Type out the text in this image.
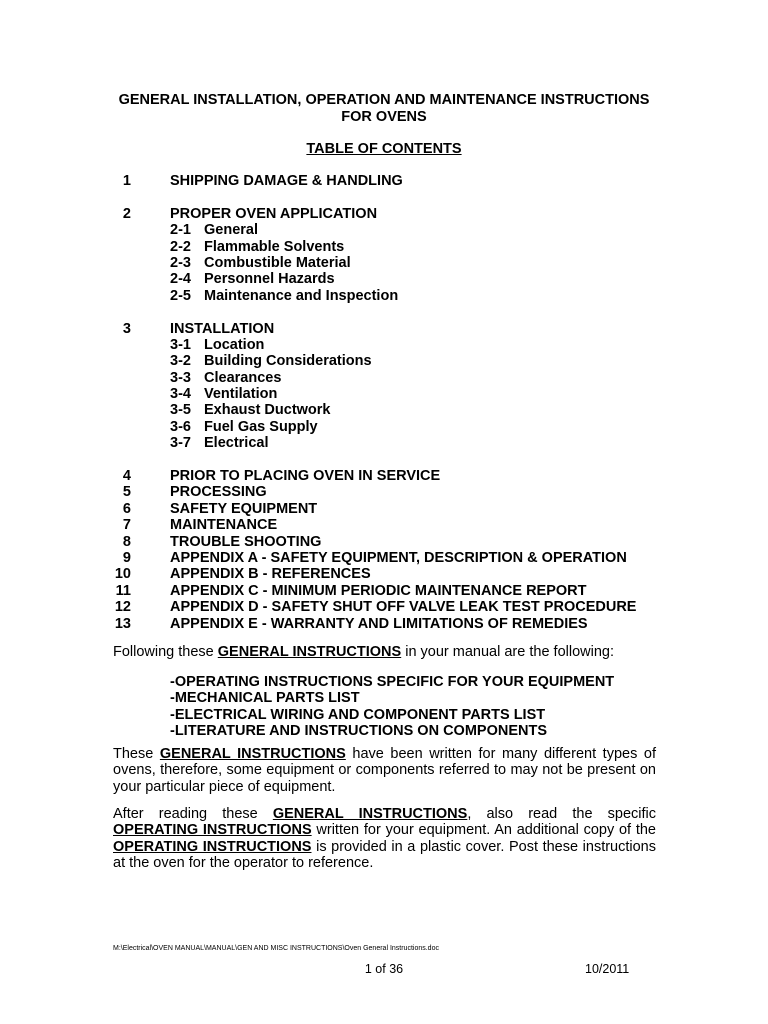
GENERAL INSTALLATION, OPERATION AND MAINTENANCE INSTRUCTIONS
FOR OVENS
TABLE OF CONTENTS
1	SHIPPING DAMAGE & HANDLING
2	PROPER OVEN APPLICATION
2-1 General
2-2 Flammable Solvents
2-3 Combustible Material
2-4 Personnel Hazards
2-5 Maintenance and Inspection
3	INSTALLATION
3-1 Location
3-2 Building Considerations
3-3 Clearances
3-4 Ventilation
3-5 Exhaust Ductwork
3-6 Fuel Gas Supply
3-7 Electrical
4	PRIOR TO PLACING OVEN IN SERVICE
5	PROCESSING
6	SAFETY EQUIPMENT
7	MAINTENANCE
8	TROUBLE SHOOTING
9	APPENDIX A - SAFETY EQUIPMENT, DESCRIPTION & OPERATION
10	APPENDIX B - REFERENCES
11	APPENDIX C - MINIMUM PERIODIC MAINTENANCE REPORT
12	APPENDIX D - SAFETY SHUT OFF VALVE LEAK TEST PROCEDURE
13	APPENDIX E - WARRANTY AND LIMITATIONS OF REMEDIES
Following these GENERAL INSTRUCTIONS in your manual are the following:
-OPERATING INSTRUCTIONS SPECIFIC FOR YOUR EQUIPMENT
-MECHANICAL PARTS LIST
-ELECTRICAL WIRING AND COMPONENT PARTS LIST
-LITERATURE AND INSTRUCTIONS ON COMPONENTS
These GENERAL INSTRUCTIONS have been written for many different types of ovens, therefore, some equipment or components referred to may not be present on your particular piece of equipment.
After reading these GENERAL INSTRUCTIONS, also read the specific OPERATING INSTRUCTIONS written for your equipment. An additional copy of the OPERATING INSTRUCTIONS is provided in a plastic cover. Post these instructions at the oven for the operator to reference.
M:\Electrical\OVEN MANUAL\MANUAL\GEN AND MISC INSTRUCTIONS\Oven General Instructions.doc
1 of 36	10/2011
